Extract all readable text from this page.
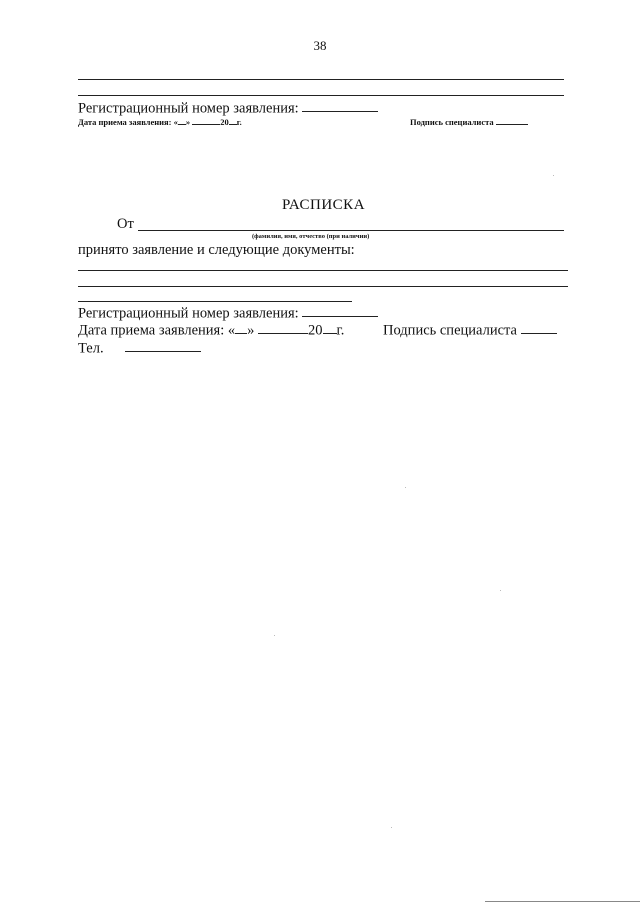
38
Регистрационный номер заявления:
Дата приема заявления: « »	20 г.	Подпись специалиста
РАСПИСКА
От
(фамилия, имя, отчество (при наличии)
принято заявление и следующие документы:
Регистрационный номер заявления:
Дата приема заявления: « »	20 г.	Подпись специалиста
Тел.
